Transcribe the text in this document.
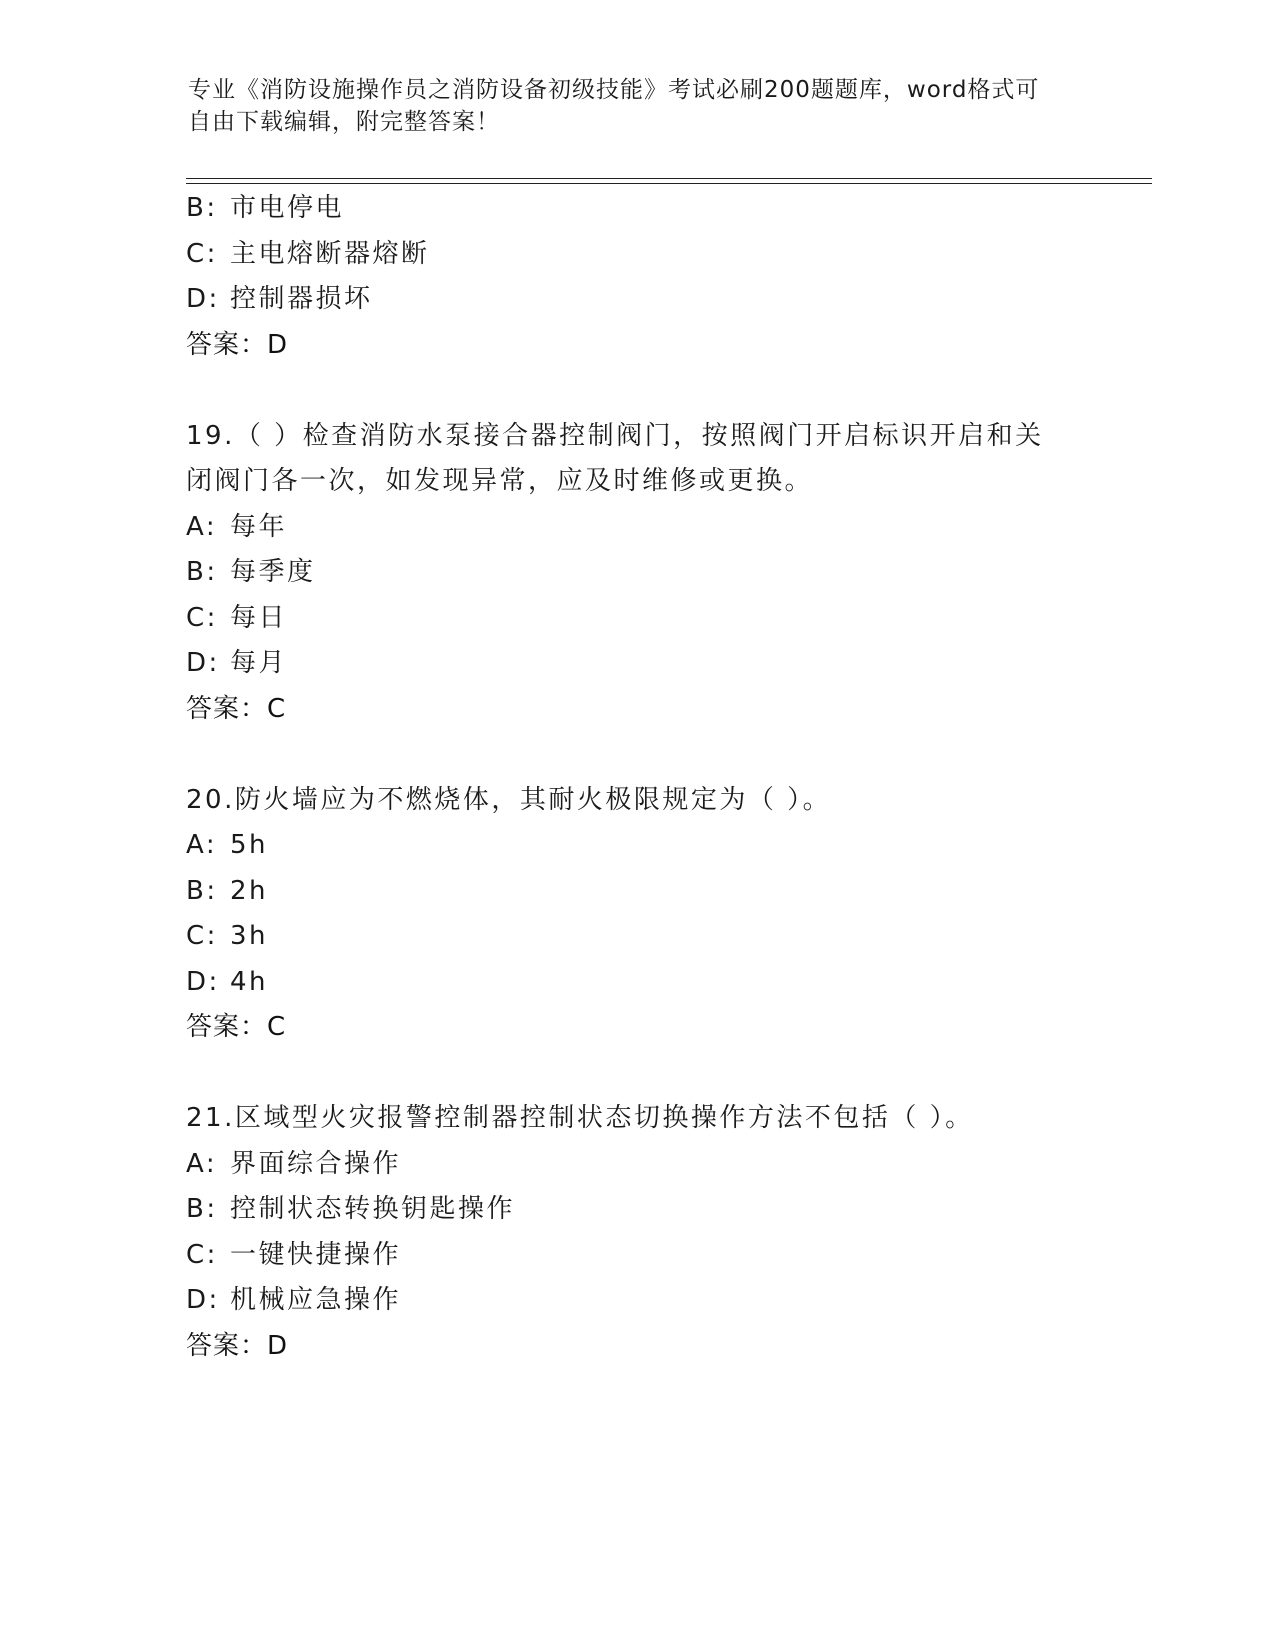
专业《消防设施操作员之消防设备初级技能》考试必刷200题题库，word格式可
自由下载编辑，附完整答案！
B: 市电停电
C: 主电熔断器熔断
D: 控制器损坏
答案：D
19.（ ）检查消防水泵接合器控制阀门，按照阀门开启标识开启和关
闭阀门各一次，如发现异常，应及时维修或更换。
A: 每年
B: 每季度
C: 每日
D: 每月
答案：C
20.防火墙应为不燃烧体，其耐火极限规定为（ ）。
A: 5h
B: 2h
C: 3h
D: 4h
答案：C
21.区域型火灾报警控制器控制状态切换操作方法不包括（ ）。
A: 界面综合操作
B: 控制状态转换钥匙操作
C: 一键快捷操作
D: 机械应急操作
答案：D
